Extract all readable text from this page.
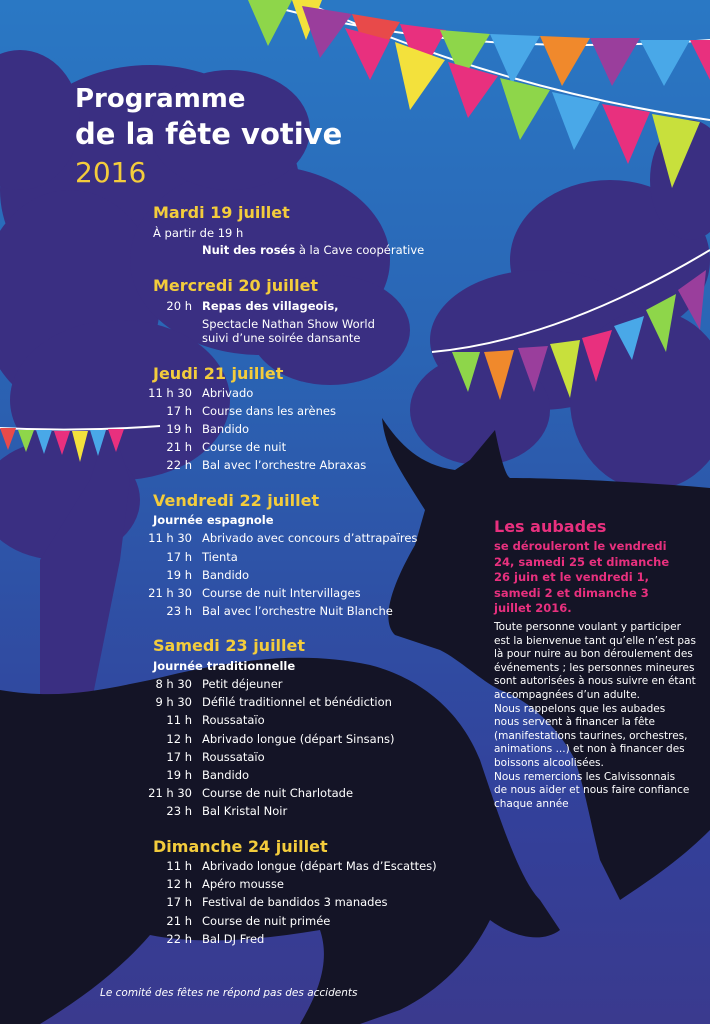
Programme
de la fête votive
2016
Mardi 19 juillet
À partir de 19 h
Nuit des rosés à la Cave coopérative
Mercredi 20 juillet
20 h Repas des villageois,
Spectacle Nathan Show World
suivi d’une soirée dansante
Jeudi 21 juillet
11 h 30 Abrivado
17 h Course dans les arènes
19 h Bandido
21 h Course de nuit
22 h Bal avec l’orchestre Abraxas
Vendredi 22 juillet
Journée espagnole
11 h 30 Abrivado avec concours d’attrapaïres
17 h Tienta
19 h Bandido
21 h 30 Course de nuit Intervillages
23 h Bal avec l’orchestre Nuit Blanche
Samedi 23 juillet
Journée traditionnelle
8 h 30 Petit déjeuner
9 h 30 Défilé traditionnel et bénédiction
11 h Roussataïo
12 h Abrivado longue (départ Sinsans)
17 h Roussataïo
19 h Bandido
21 h 30 Course de nuit Charlotade
23 h Bal Kristal Noir
Dimanche 24 juillet
11 h Abrivado longue (départ Mas d’Escattes)
12 h Apéro mousse
17 h Festival de bandidos 3 manades
21 h Course de nuit primée
22 h Bal DJ Fred
Les aubades
se dérouleront le vendredi
24, samedi 25 et dimanche
26 juin et le vendredi 1,
samedi 2 et dimanche 3
juillet 2016.
Toute personne voulant y participer
est la bienvenue tant qu’elle n’est pas
là pour nuire au bon déroulement des
événements ; les personnes mineures
sont autorisées à nous suivre en étant
accompagnées d’un adulte.
Nous rappelons que les aubades
nous servent à financer la fête
(manifestations taurines, orchestres,
animations ...) et non à financer des
boissons alcoolisées.
Nous remercions les Calvissonnais
de nous aider et nous faire confiance
chaque année
Le comité des fêtes ne répond pas des accidents
